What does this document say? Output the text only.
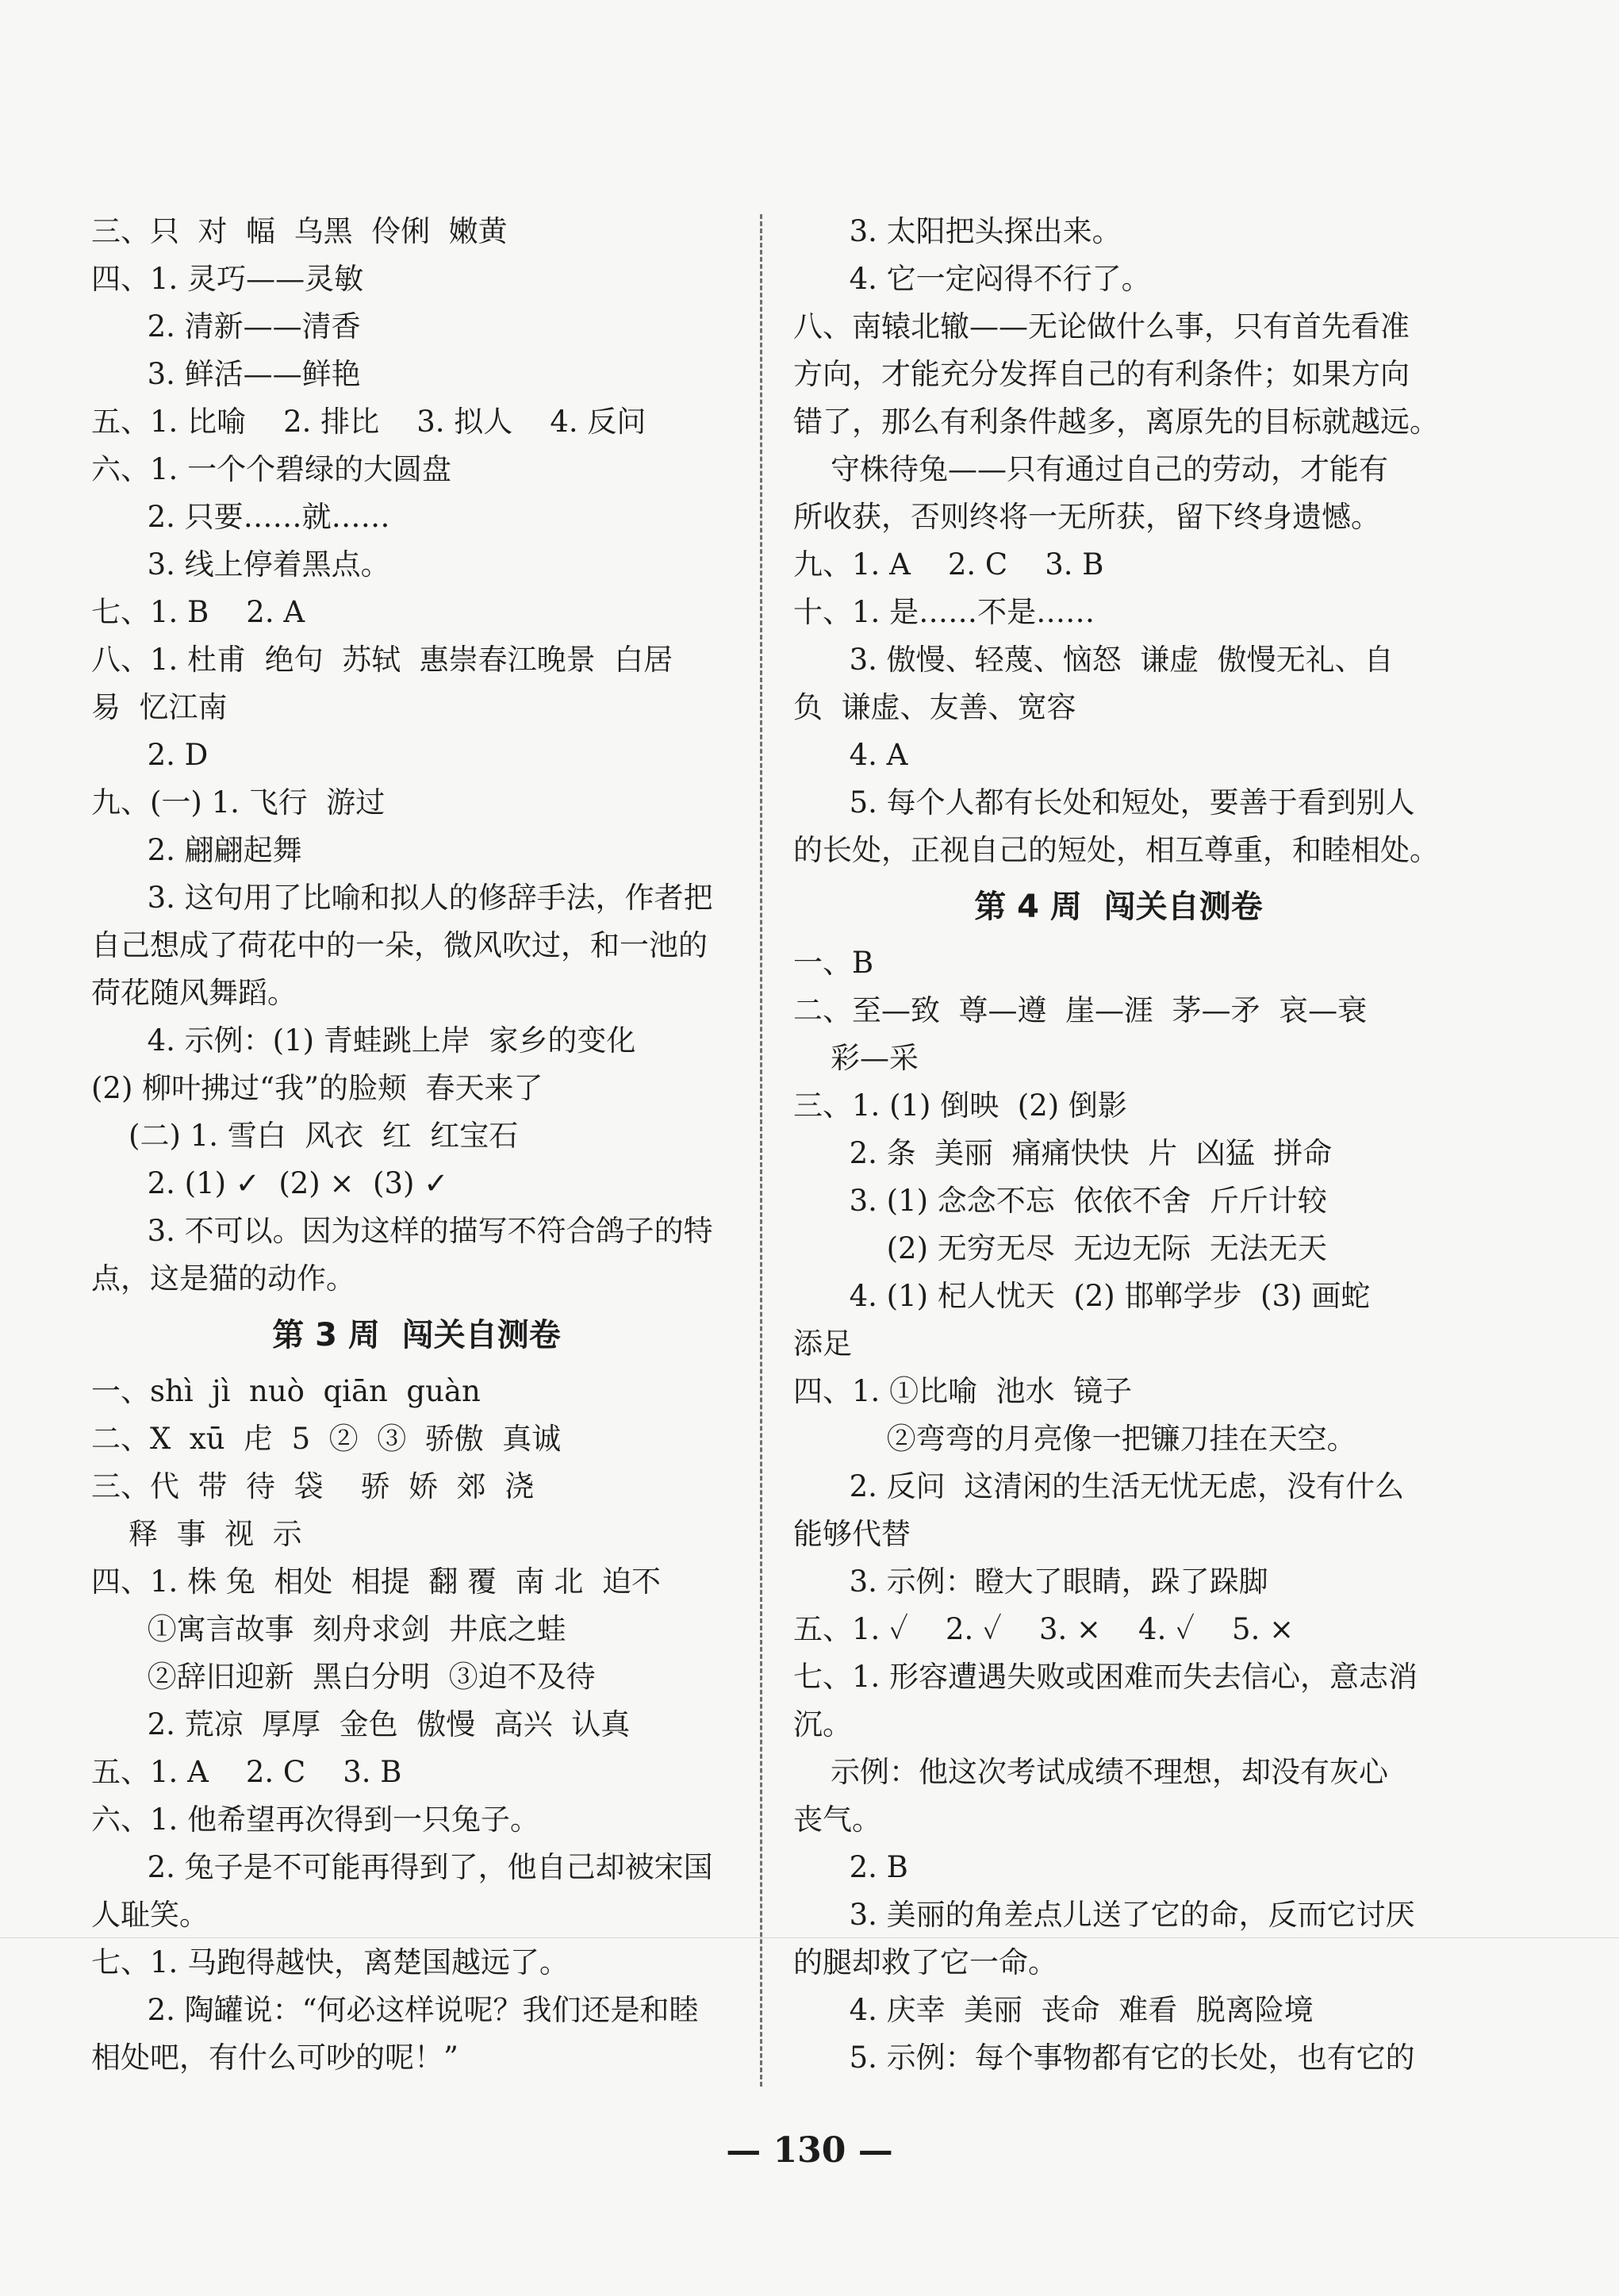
三、只  对  幅  乌黑  伶俐  嫩黄
四、1. 灵巧——灵敏
2. 清新——清香
3. 鲜活——鲜艳
五、1. 比喻    2. 排比    3. 拟人    4. 反问
六、1. 一个个碧绿的大圆盘
2. 只要……就……
3. 线上停着黑点。
七、1. B    2. A
八、1. 杜甫  绝句  苏轼  惠崇春江晚景  白居
易  忆江南
2. D
九、(一) 1. 飞行  游过
2. 翩翩起舞
3. 这句用了比喻和拟人的修辞手法，作者把
自己想成了荷花中的一朵，微风吹过，和一池的
荷花随风舞蹈。
4. 示例：(1) 青蛙跳上岸  家乡的变化
(2) 柳叶拂过“我”的脸颊  春天来了
(二) 1. 雪白  风衣  红  红宝石
2. (1) ✓  (2) ×  (3) ✓
3. 不可以。因为这样的描写不符合鸽子的特
点，这是猫的动作。
第 3 周  闯关自测卷
一、shì  jì  nuò  qiān  guàn
二、X  xū  虍  5  ②  ③  骄傲  真诚
三、代  带  待  袋    骄  娇  郊  浇
释  事  视  示
四、1. 株 兔  相处  相提  翻 覆  南 北  迫不
①寓言故事  刻舟求剑  井底之蛙
②辞旧迎新  黑白分明  ③迫不及待
2. 荒凉  厚厚  金色  傲慢  高兴  认真
五、1. A    2. C    3. B
六、1. 他希望再次得到一只兔子。
2. 兔子是不可能再得到了，他自己却被宋国
人耻笑。
七、1. 马跑得越快，离楚国越远了。
2. 陶罐说：“何必这样说呢？我们还是和睦
相处吧，有什么可吵的呢！”
3. 太阳把头探出来。
4. 它一定闷得不行了。
八、南辕北辙——无论做什么事，只有首先看准
方向，才能充分发挥自己的有利条件；如果方向
错了，那么有利条件越多，离原先的目标就越远。
守株待兔——只有通过自己的劳动，才能有
所收获，否则终将一无所获，留下终身遗憾。
九、1. A    2. C    3. B
十、1. 是……不是……
3. 傲慢、轻蔑、恼怒  谦虚  傲慢无礼、自
负  谦虚、友善、宽容
4. A
5. 每个人都有长处和短处，要善于看到别人
的长处，正视自己的短处，相互尊重，和睦相处。
第 4 周  闯关自测卷
一、B
二、至—致  尊—遵  崖—涯  茅—矛  哀—衰
彩—采
三、1. (1) 倒映  (2) 倒影
2. 条  美丽  痛痛快快  片  凶猛  拼命
3. (1) 念念不忘  依依不舍  斤斤计较
(2) 无穷无尽  无边无际  无法无天
4. (1) 杞人忧天  (2) 邯郸学步  (3) 画蛇
添足
四、1. ①比喻  池水  镜子
②弯弯的月亮像一把镰刀挂在天空。
2. 反问  这清闲的生活无忧无虑，没有什么
能够代替
3. 示例：瞪大了眼睛，跺了跺脚
五、1. ✓    2. ✓    3. ×    4. ✓    5. ×
七、1. 形容遭遇失败或困难而失去信心，意志消
沉。
示例：他这次考试成绩不理想，却没有灰心
丧气。
2. B
3. 美丽的角差点儿送了它的命，反而它讨厌
的腿却救了它一命。
4. 庆幸  美丽  丧命  难看  脱离险境
5. 示例：每个事物都有它的长处，也有它的
— 130 —
